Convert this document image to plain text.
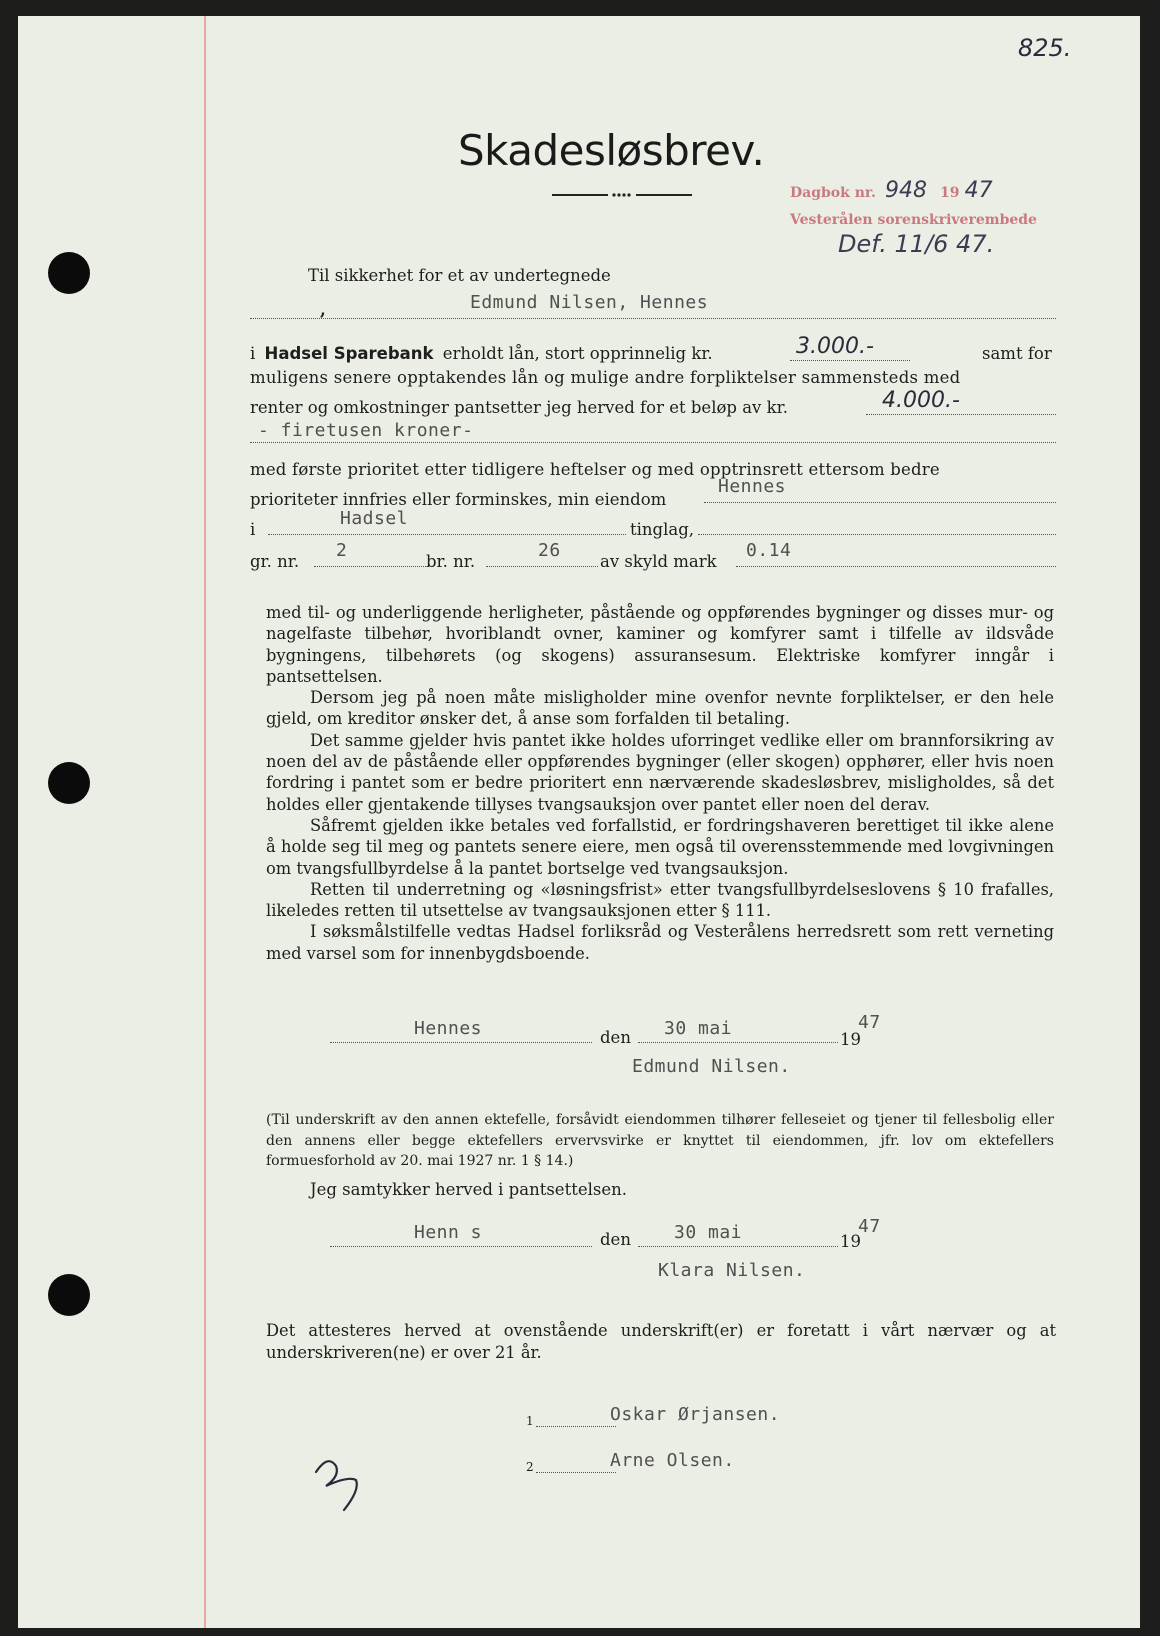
825.
Skadesløsbrev.
Dagbok nr. 948 19 47
Vesterålen sorenskriverembede
Def. 11/6 47.
Til sikkerhet for et av undertegnede
,	Edmund Nilsen, Hennes
i Hadsel Sparebank erholdt lån, stort opprinnelig kr.	3.000.-	samt for
muligens senere opptakendes lån og mulige andre forpliktelser sammensteds med
renter og omkostninger pantsetter jeg herved for et beløp av kr.	4.000.-
- firetusen kroner-
med første prioritet etter tidligere heftelser og med opptrinsrett ettersom bedre
prioriteter innfries eller forminskes, min eiendom
Hennes
i
Hadsel
tinglag,
gr. nr.
2
br. nr.
26
av skyld mark
0.14

med til- og underliggende herligheter, påstående og oppførendes bygninger og disses mur- og nagelfaste tilbehør, hvoriblandt ovner, kaminer og komfyrer samt i tilfelle av ildsvåde bygningens, tilbehørets (og skogens) assuransesum. Elektriske komfyrer inngår i pantsettelsen.

Dersom jeg på noen måte misligholder mine ovenfor nevnte forpliktelser, er den hele gjeld, om kreditor ønsker det, å anse som forfalden til betaling.

Det samme gjelder hvis pantet ikke holdes uforringet vedlike eller om brannforsikring av noen del av de påstående eller oppførendes bygninger (eller skogen) opphører, eller hvis noen fordring i pantet som er bedre prioritert enn nærværende skadesløsbrev, misligholdes, så det holdes eller gjentakende tillyses tvangsauksjon over pantet eller noen del derav.

Såfremt gjelden ikke betales ved forfallstid, er fordringshaveren berettiget til ikke alene å holde seg til meg og pantets senere eiere, men også til overensstemmende med lovgivningen om tvangsfullbyrdelse å la pantet bortselge ved tvangsauksjon.

Retten til underretning og «løsningsfrist» etter tvangsfullbyrdelseslovens § 10 frafalles, likeledes retten til utsettelse av tvangsauksjonen etter § 111.

I søksmålstilfelle vedtas Hadsel forliksråd og Vesterålens herredsrett som rett verneting med varsel som for innenbygdsboende.

Hennes	den 30 mai
19
47
Edmund Nilsen.
(Til underskrift av den annen ektefelle, forsåvidt eiendommen tilhører felleseiet og tjener til fellesbolig eller den annens eller begge ektefellers ervervsvirke er knyttet til eiendommen, jfr. lov om ektefellers formuesforhold av 20. mai 1927 nr. 1 § 14.)
Jeg samtykker herved i pantsettelsen.
Henn s	den 30 mai	19
47
Klara Nilsen.
Det attesteres herved at ovenstående underskrift(er) er foretatt i vårt nærvær og at underskriveren(ne) er over 21 år.
1	Oskar Ørjansen.
2	Arne Olsen.
